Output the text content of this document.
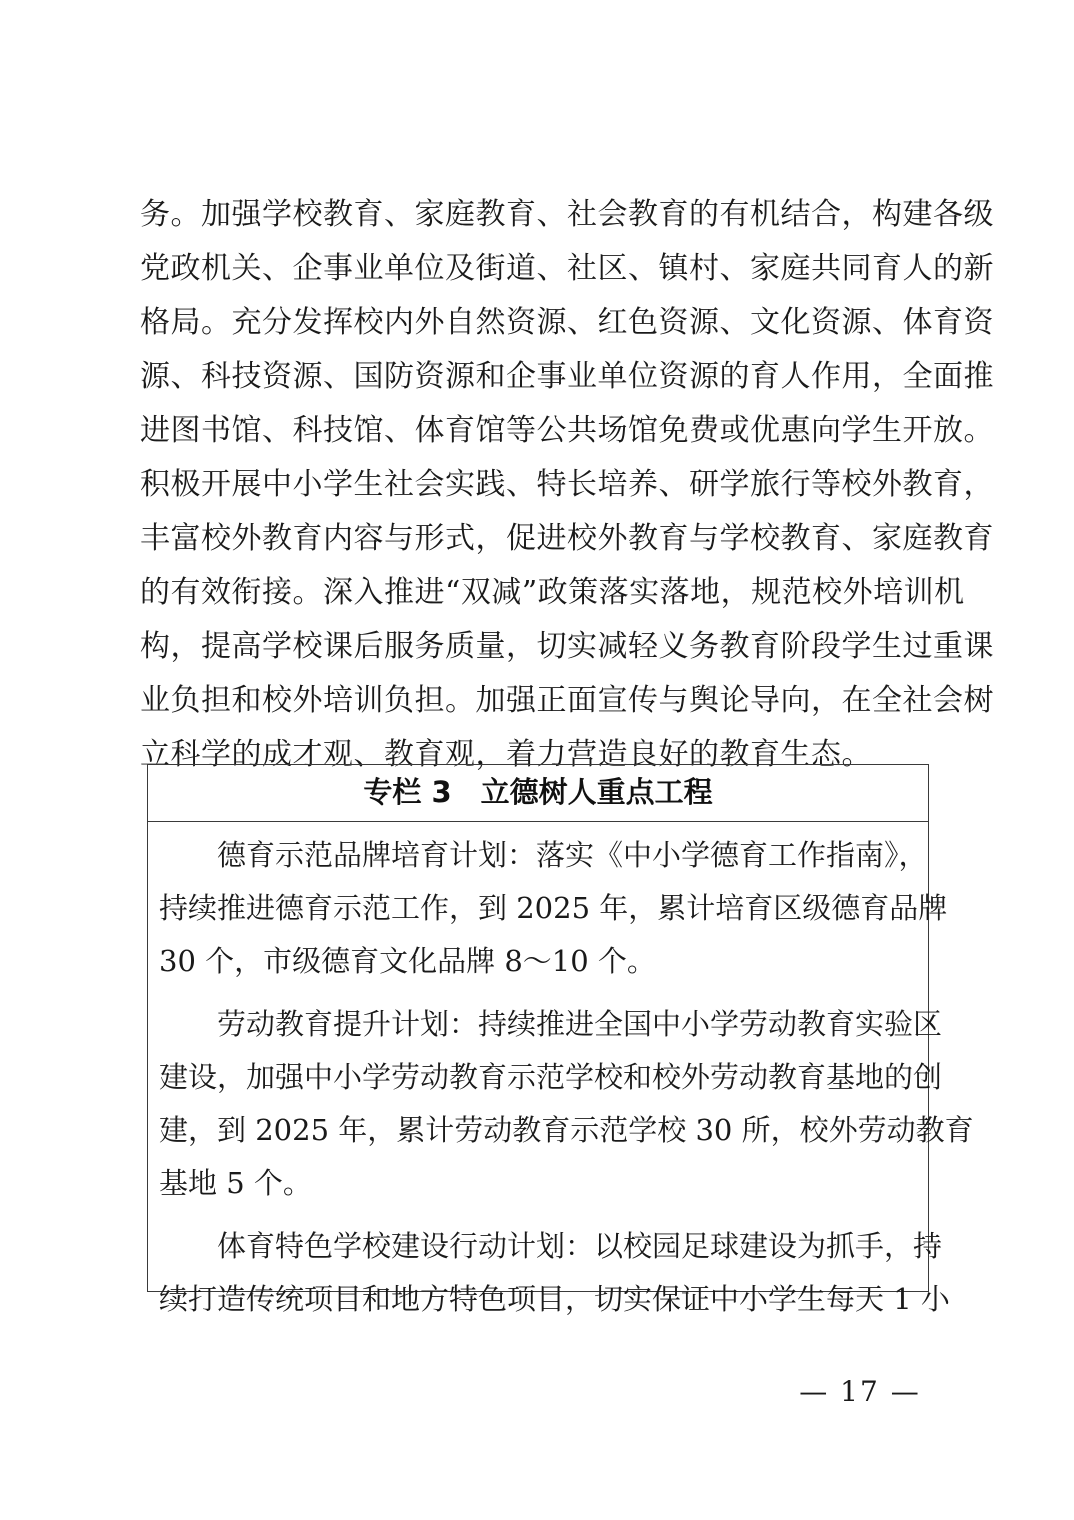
务。加强学校教育、家庭教育、社会教育的有机结合，构建各级
党政机关、企事业单位及街道、社区、镇村、家庭共同育人的新
格局。充分发挥校内外自然资源、红色资源、文化资源、体育资
源、科技资源、国防资源和企事业单位资源的育人作用，全面推
进图书馆、科技馆、体育馆等公共场馆免费或优惠向学生开放。
积极开展中小学生社会实践、特长培养、研学旅行等校外教育，
丰富校外教育内容与形式，促进校外教育与学校教育、家庭教育
的有效衔接。深入推进“双减”政策落实落地，规范校外培训机
构，提高学校课后服务质量，切实减轻义务教育阶段学生过重课
业负担和校外培训负担。加强正面宣传与舆论导向，在全社会树
立科学的成才观、教育观，着力营造良好的教育生态。
专栏 3　立德树人重点工程
　　德育示范品牌培育计划：落实《中小学德育工作指南》，
持续推进德育示范工作，到 2025 年，累计培育区级德育品牌
30 个，市级德育文化品牌 8～10 个。
　　劳动教育提升计划：持续推进全国中小学劳动教育实验区
建设，加强中小学劳动教育示范学校和校外劳动教育基地的创
建，到 2025 年，累计劳动教育示范学校 30 所，校外劳动教育
基地 5 个。
　　体育特色学校建设行动计划：以校园足球建设为抓手，持
续打造传统项目和地方特色项目，切实保证中小学生每天 1 小
— 17 —
